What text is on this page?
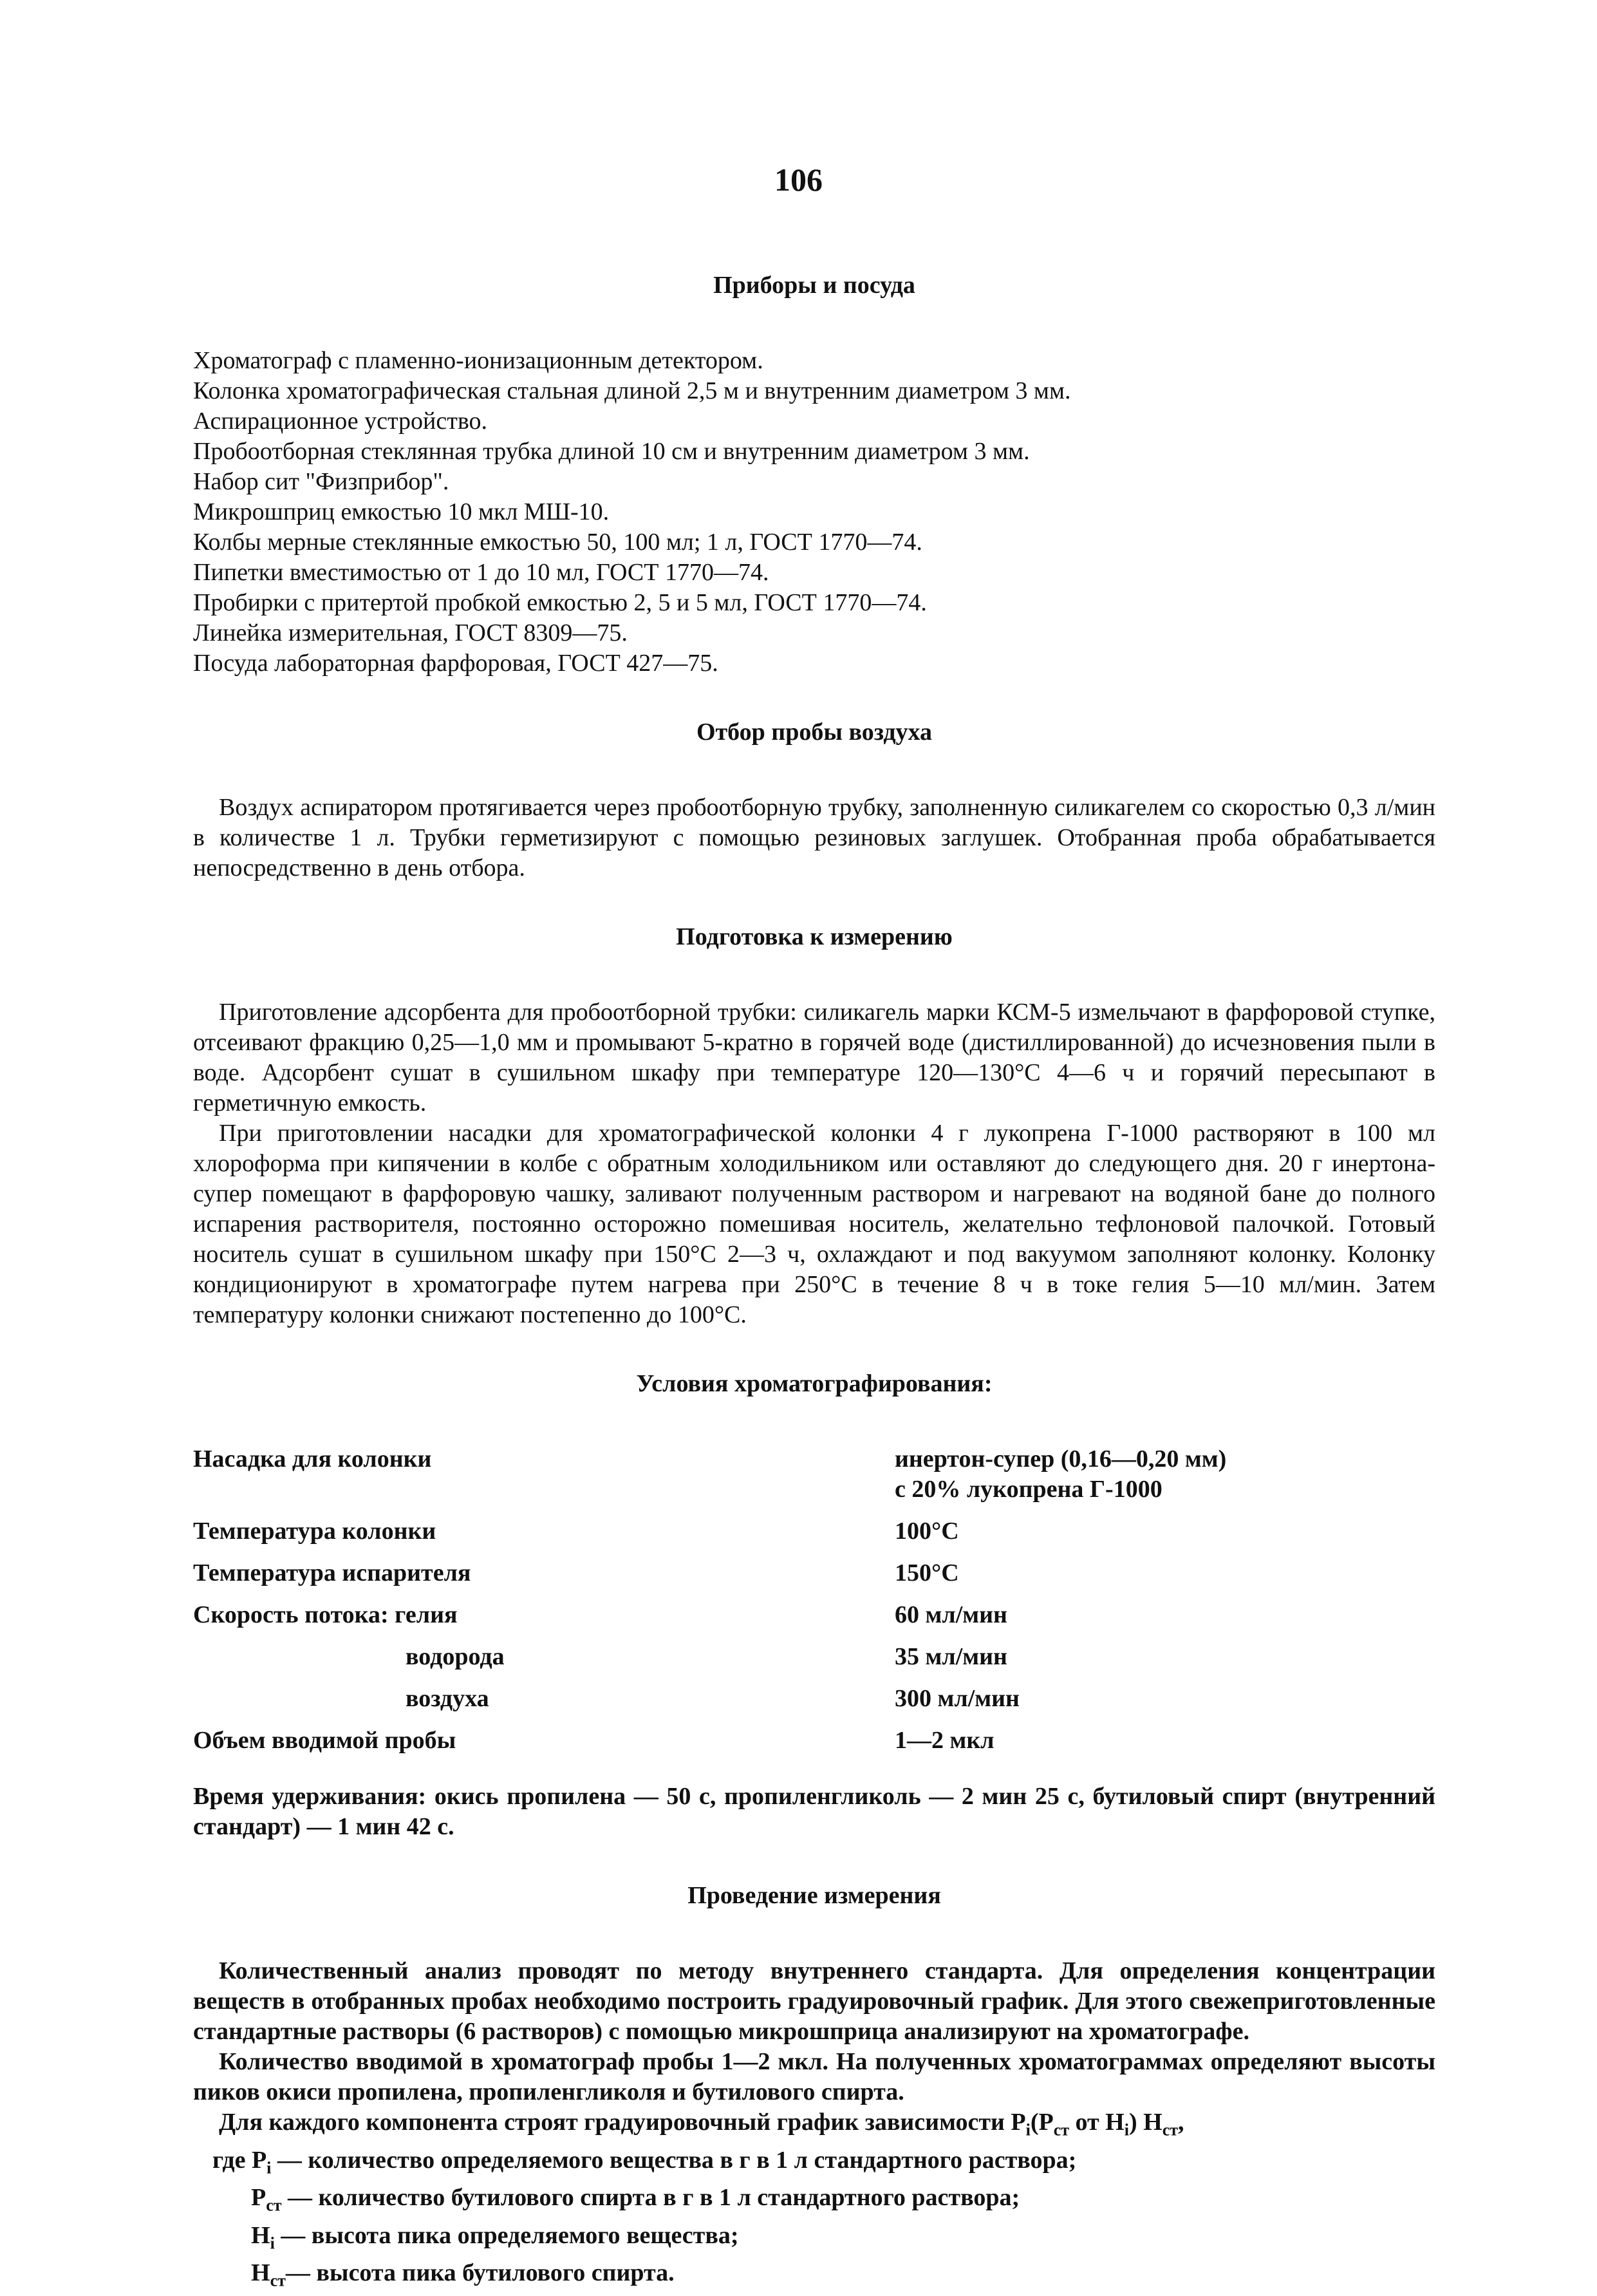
106
Приборы и посуда
Хроматограф с пламенно-ионизационным детектором.
Колонка хроматографическая стальная длиной 2,5 м и внутренним диаметром 3 мм.
Аспирационное устройство.
Пробоотборная стеклянная трубка длиной 10 см и внутренним диаметром 3 мм.
Набор сит "Физприбор".
Микрошприц емкостью 10 мкл МШ-10.
Колбы мерные стеклянные емкостью 50, 100 мл; 1 л, ГОСТ 1770—74.
Пипетки вместимостью от 1 до 10 мл, ГОСТ 1770—74.
Пробирки с притертой пробкой емкостью 2, 5 и 5 мл, ГОСТ 1770—74.
Линейка измерительная, ГОСТ 8309—75.
Посуда лабораторная фарфоровая, ГОСТ 427—75.
Отбор пробы воздуха

Воздух аспиратором протягивается через пробоотборную трубку, заполненную силикагелем со скоростью 0,3 л/мин в количестве 1 л. Трубки герметизируют с помощью резиновых заглушек. Отобранная проба обрабатывается непосредственно в день отбора.

Подготовка к измерению

Приготовление адсорбента для пробоотборной трубки: силикагель марки КСМ-5 измельчают в фарфоровой ступке, отсеивают фракцию 0,25—1,0 мм и промывают 5-кратно в горячей воде (дистиллированной) до исчезновения пыли в воде. Адсорбент сушат в сушильном шкафу при температуре 120—130°С 4—6 ч и горячий пересыпают в герметичную емкость.

При приготовлении насадки для хроматографической колонки 4 г лукопрена Г-1000 растворяют в 100 мл хлороформа при кипячении в колбе с обратным холодильником или оставляют до следующего дня. 20 г инертона-супер помещают в фарфоровую чашку, заливают полученным раствором и нагревают на водяной бане до полного испарения растворителя, постоянно осторожно помешивая носитель, желательно тефлоновой палочкой. Готовый носитель сушат в сушильном шкафу при 150°С 2—3 ч, охлаждают и под вакуумом заполняют колонку. Колонку кондиционируют в хроматографе путем нагрева при 250°С в течение 8 ч в токе гелия 5—10 мл/мин. Затем температуру колонки снижают постепенно до 100°С.

Условия хроматографирования:
Насадка для колонки	инертон-супер (0,16—0,20 мм)
с 20% лукопрена Г-1000

Температура колонки	100°С
Температура испарителя	150°С
Скорость потока: гелия	60 мл/мин
водорода	35 мл/мин
воздуха	300 мл/мин
Объем вводимой пробы	1—2 мкл

Время удерживания: окись пропилена — 50 с, пропиленгликоль — 2 мин 25 с, бутиловый спирт (внутренний стандарт) — 1 мин 42 с.

Проведение измерения

Количественный анализ проводят по методу внутреннего стандарта. Для определения концентрации веществ в отобранных пробах необходимо построить градуировочный график. Для этого свежеприготовленные стандартные растворы (6 растворов) с помощью микрошприца анализируют на хроматографе.

Количество вводимой в хроматограф пробы 1—2 мкл. На полученных хроматограммах определяют высоты пиков окиси пропилена, пропиленгликоля и бутилового спирта.

Для каждого компонента строят градуировочный график зависимости $P_i(P_{ст}$ от $H_i$) $H_{ст}$,

где $P_i$ — количество определяемого вещества в г в 1 л стандартного раствора;
$P_{ст}$ — количество бутилового спирта в г в 1 л стандартного раствора;
$H_i$ — высота пика определяемого вещества;
$H_{ст}—$ высота пика бутилового спирта.
